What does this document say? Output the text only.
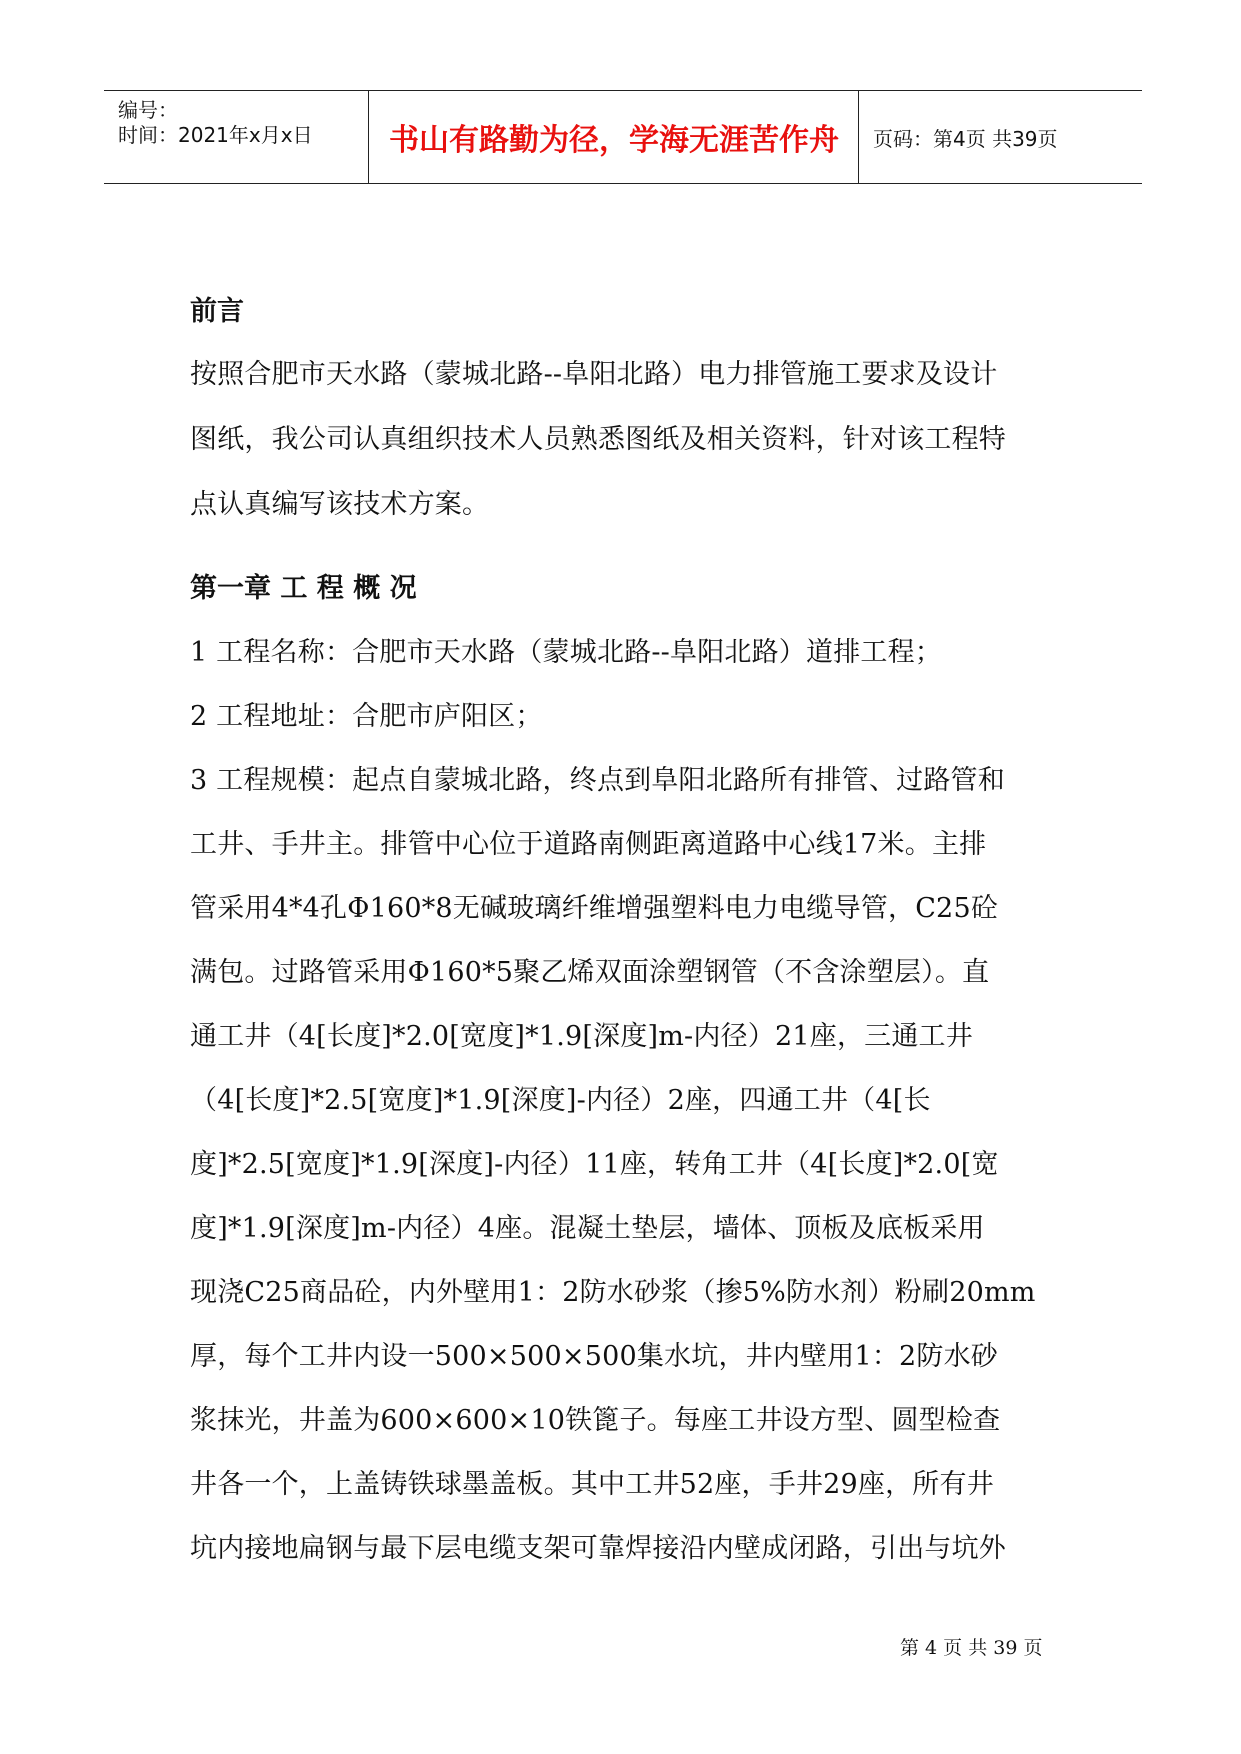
编号：
时间：2021年x月x日	书山有路勤为径，学海无涯苦作舟	页码：第4页 共39页
前言
按照合肥市天水路（蒙城北路--阜阳北路）电力排管施工要求及设计
图纸，我公司认真组织技术人员熟悉图纸及相关资料，针对该工程特
点认真编写该技术方案。
第一章 工 程 概 况
1 工程名称：合肥市天水路（蒙城北路--阜阳北路）道排工程；
2 工程地址：合肥市庐阳区；
3 工程规模：起点自蒙城北路，终点到阜阳北路所有排管、过路管和
工井、手井主。排管中心位于道路南侧距离道路中心线17米。主排
管采用4*4孔Φ160*8无碱玻璃纤维增强塑料电力电缆导管，C25砼
满包。过路管采用Φ160*5聚乙烯双面涂塑钢管（不含涂塑层）。直
通工井（4[长度]*2.0[宽度]*1.9[深度]m-内径）21座，三通工井
（4[长度]*2.5[宽度]*1.9[深度]-内径）2座，四通工井（4[长
度]*2.5[宽度]*1.9[深度]-内径）11座，转角工井（4[长度]*2.0[宽
度]*1.9[深度]m-内径）4座。混凝土垫层，墙体、顶板及底板采用
现浇C25商品砼，内外壁用1：2防水砂浆（掺5%防水剂）粉刷20mm
厚，每个工井内设一500×500×500集水坑，井内壁用1：2防水砂
浆抹光，井盖为600×600×10铁篦子。每座工井设方型、圆型检查
井各一个，上盖铸铁球墨盖板。其中工井52座，手井29座，所有井
坑内接地扁钢与最下层电缆支架可靠焊接沿内壁成闭路，引出与坑外
第 4 页 共 39 页
